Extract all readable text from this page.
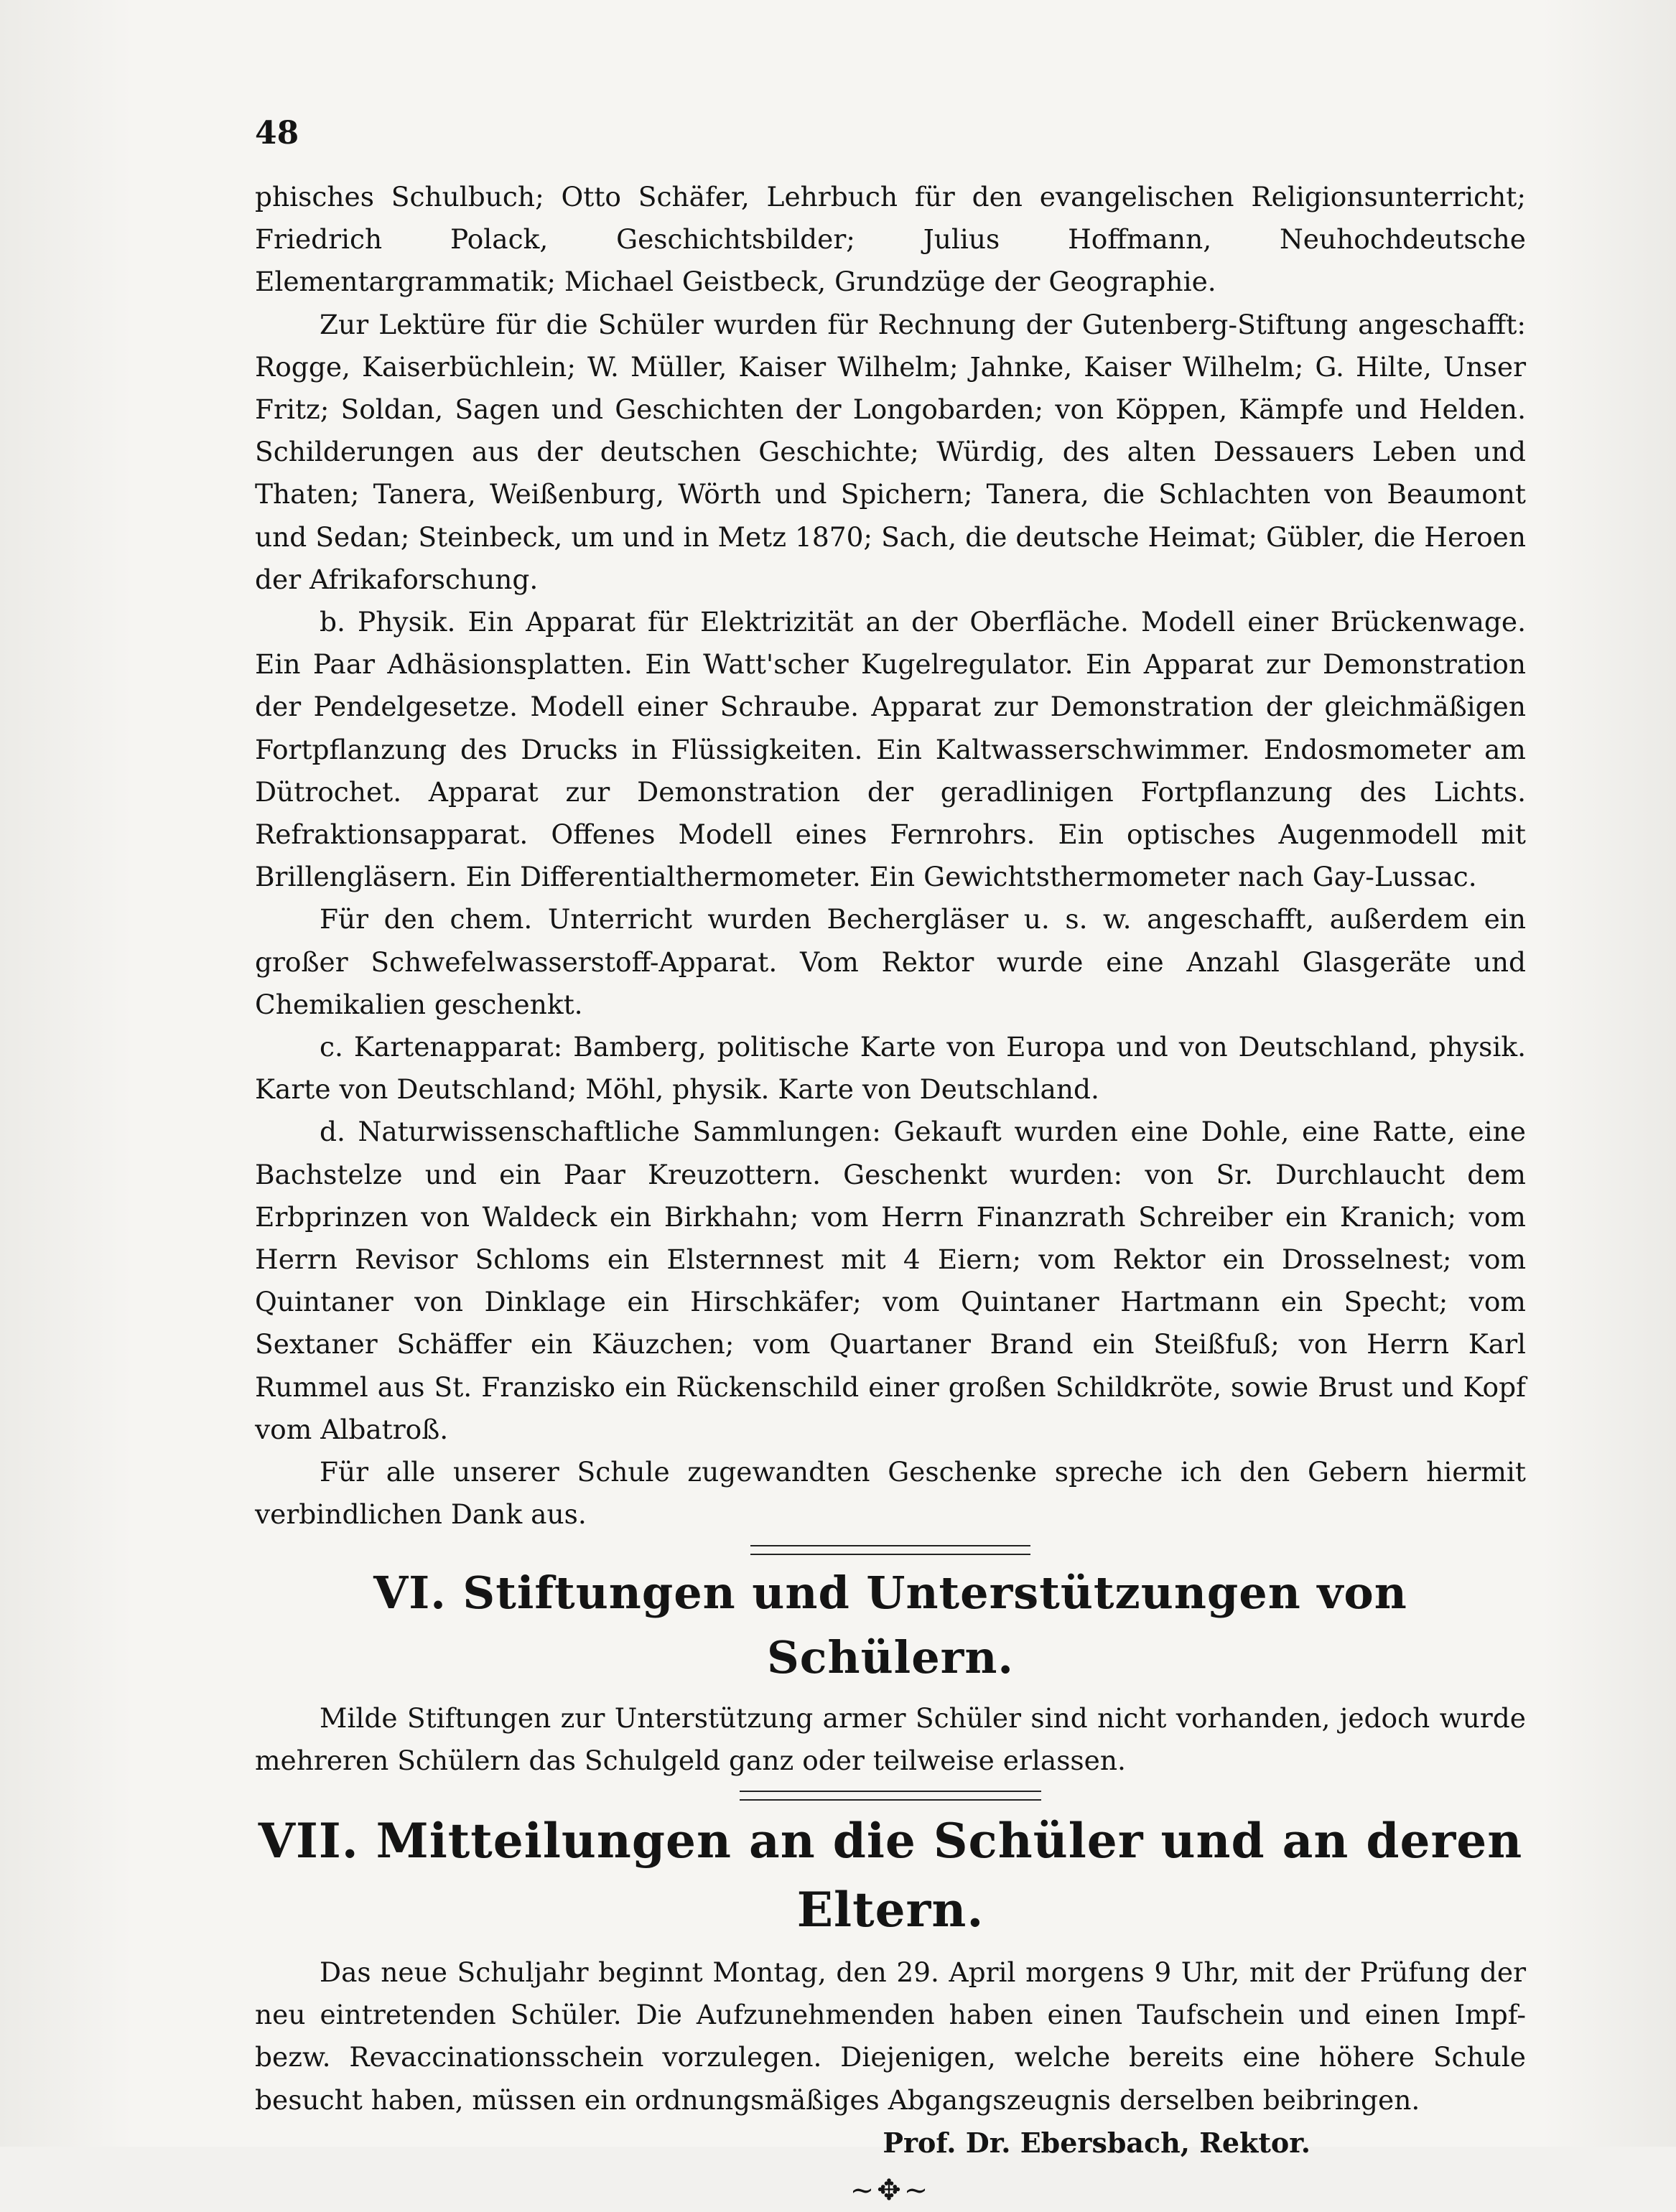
48

phisches Schulbuch; Otto Schäfer, Lehrbuch für den evangelischen Religionsunterricht; Friedrich Polack, Geschichtsbilder; Julius Hoffmann, Neuhochdeutsche Elementargrammatik; Michael Geistbeck, Grundzüge der Geographie.

Zur Lektüre für die Schüler wurden für Rechnung der Gutenberg-Stiftung angeschafft: Rogge, Kaiserbüchlein; W. Müller, Kaiser Wilhelm; Jahnke, Kaiser Wilhelm; G. Hilte, Unser Fritz; Soldan, Sagen und Geschichten der Longobarden; von Köppen, Kämpfe und Helden. Schilderungen aus der deutschen Geschichte; Würdig, des alten Dessauers Leben und Thaten; Tanera, Weißenburg, Wörth und Spichern; Tanera, die Schlachten von Beaumont und Sedan; Steinbeck, um und in Metz 1870; Sach, die deutsche Heimat; Gübler, die Heroen der Afrikaforschung.

b. Physik. Ein Apparat für Elektrizität an der Oberfläche. Modell einer Brückenwage. Ein Paar Adhäsionsplatten. Ein Watt'scher Kugelregulator. Ein Apparat zur Demonstration der Pendelgesetze. Modell einer Schraube. Apparat zur Demonstration der gleichmäßigen Fortpflanzung des Drucks in Flüssigkeiten. Ein Kaltwasserschwimmer. Endosmometer am Dütrochet. Apparat zur Demonstration der geradlinigen Fortpflanzung des Lichts. Refraktionsapparat. Offenes Modell eines Fernrohrs. Ein optisches Augenmodell mit Brillengläsern. Ein Differentialthermometer. Ein Gewichtsthermometer nach Gay-Lussac.

Für den chem. Unterricht wurden Bechergläser u. s. w. angeschafft, außerdem ein großer Schwefelwasserstoff-Apparat. Vom Rektor wurde eine Anzahl Glasgeräte und Chemikalien geschenkt.

c. Kartenapparat: Bamberg, politische Karte von Europa und von Deutschland, physik. Karte von Deutschland; Möhl, physik. Karte von Deutschland.

d. Naturwissenschaftliche Sammlungen: Gekauft wurden eine Dohle, eine Ratte, eine Bachstelze und ein Paar Kreuzottern. Geschenkt wurden: von Sr. Durchlaucht dem Erbprinzen von Waldeck ein Birkhahn; vom Herrn Finanzrath Schreiber ein Kranich; vom Herrn Revisor Schloms ein Elsternnest mit 4 Eiern; vom Rektor ein Drosselnest; vom Quintaner von Dinklage ein Hirschkäfer; vom Quintaner Hartmann ein Specht; vom Sextaner Schäffer ein Käuzchen; vom Quartaner Brand ein Steißfuß; von Herrn Karl Rummel aus St. Franzisko ein Rückenschild einer großen Schildkröte, sowie Brust und Kopf vom Albatroß.

Für alle unserer Schule zugewandten Geschenke spreche ich den Gebern hiermit verbindlichen Dank aus.

VI. Stiftungen und Unterstützungen von Schülern.

Milde Stiftungen zur Unterstützung armer Schüler sind nicht vorhanden, jedoch wurde mehreren Schülern das Schulgeld ganz oder teilweise erlassen.

VII. Mitteilungen an die Schüler und an deren Eltern.

Das neue Schuljahr beginnt Montag, den 29. April morgens 9 Uhr, mit der Prüfung der neu eintretenden Schüler. Die Aufzunehmenden haben einen Taufschein und einen Impf- bezw. Revaccinationsschein vorzulegen. Diejenigen, welche bereits eine höhere Schule besucht haben, müssen ein ordnungsmäßiges Abgangszeugnis derselben beibringen.

Prof. Dr. Ebersbach, Rektor.
~✥~
